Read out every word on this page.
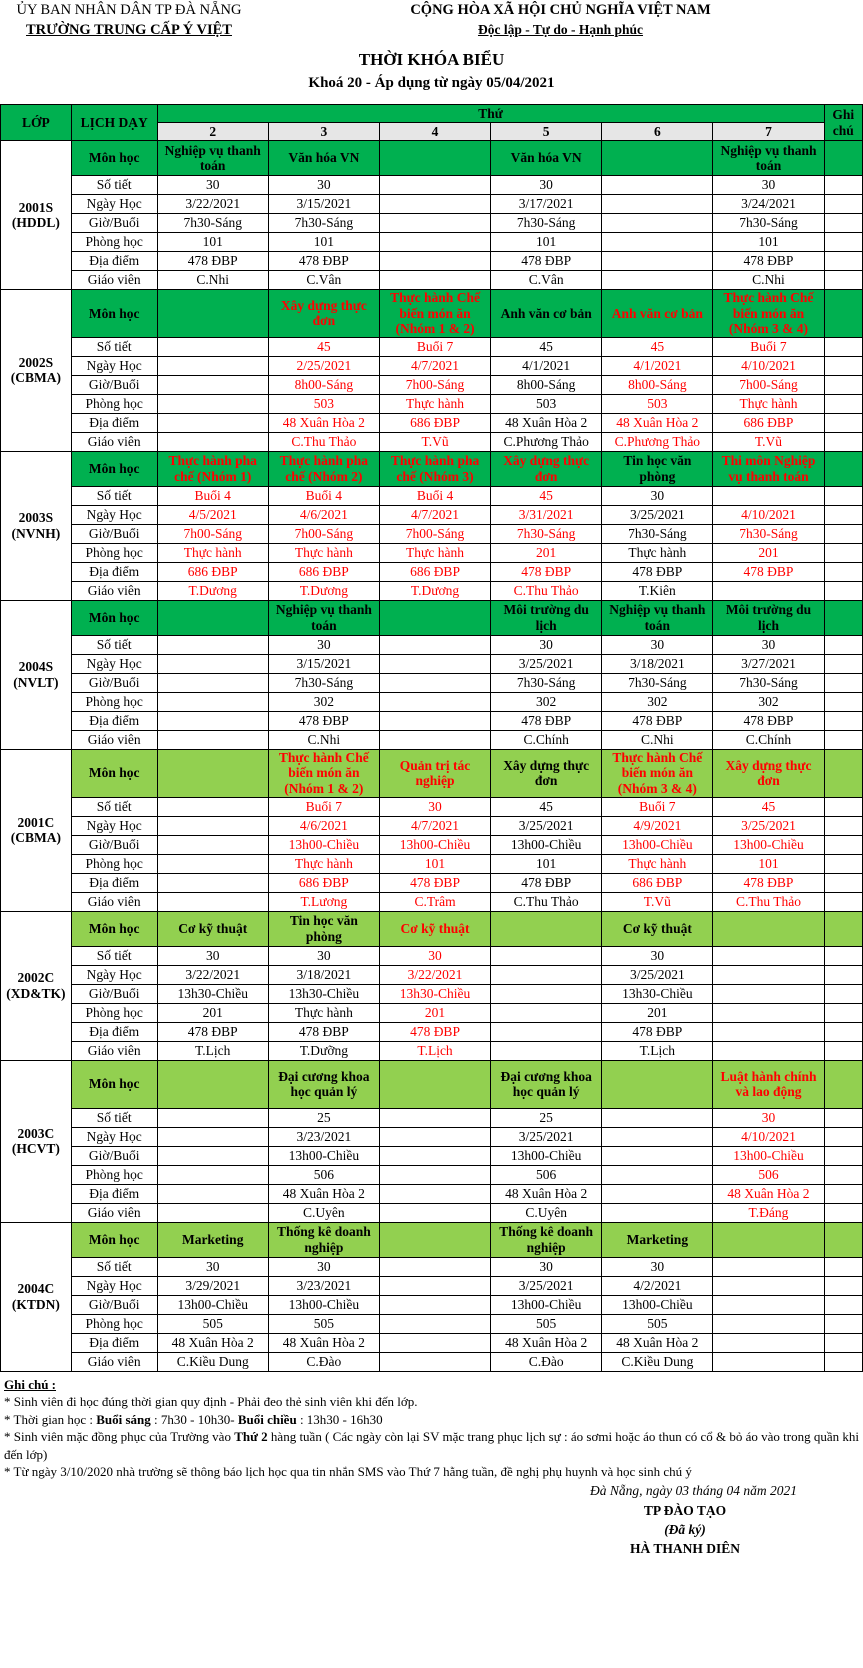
ỦY BAN NHÂN DÂN TP ĐÀ NẴNG
TRƯỜNG TRUNG CẤP Ý VIỆT
CỘNG HÒA XÃ HỘI CHỦ NGHĨA VIỆT NAM
Độc lập - Tự do - Hạnh phúc
THỜI KHÓA BIỂU
Khoá 20 - Áp dụng từ ngày 05/04/2021
LỚP	LỊCH DẠY	Thứ						Ghi chú
		2	3	4	5	6	7	
2001S (HDDL)	Môn học	Nghiệp vụ thanh toán	Văn hóa VN		Văn hóa VN		Nghiệp vụ thanh toán	
	Số tiết	30	30		30		30	
	Ngày Học	3/22/2021	3/15/2021		3/17/2021		3/24/2021	
	Giờ/Buổi	7h30-Sáng	7h30-Sáng		7h30-Sáng		7h30-Sáng	
	Phòng học	101	101		101		101	
	Địa điểm	478 ĐBP	478 ĐBP		478 ĐBP		478 ĐBP	
	Giáo viên	C.Nhi	C.Vân		C.Vân		C.Nhi	
2002S (CBMA)	Môn học		Xây dựng thực đơn	Thực hành Chế biến món ăn (Nhóm 1 & 2)	Anh văn cơ bản	Anh văn cơ bản	Thực hành Chế biến món ăn (Nhóm 3 & 4)	
	Số tiết		45	Buổi 7	45	45	Buổi 7	
	Ngày Học		2/25/2021	4/7/2021	4/1/2021	4/1/2021	4/10/2021	
	Giờ/Buổi		8h00-Sáng	7h00-Sáng	8h00-Sáng	8h00-Sáng	7h00-Sáng	
	Phòng học		503	Thực hành	503	503	Thực hành	
	Địa điểm		48 Xuân Hòa 2	686 ĐBP	48 Xuân Hòa 2	48 Xuân Hòa 2	686 ĐBP	
	Giáo viên		C.Thu Thảo	T.Vũ	C.Phương Thảo	C.Phương Thảo	T.Vũ	
2003S (NVNH)	Môn học	Thực hành pha chế (Nhóm 1)	Thực hành pha chế (Nhóm 2)	Thực hành pha chế (Nhóm 3)	Xây dựng thực đơn	Tin học văn phòng	Thi môn Nghiệp vụ thanh toán	
	Số tiết	Buổi 4	Buổi 4	Buổi 4	45	30		
	Ngày Học	4/5/2021	4/6/2021	4/7/2021	3/31/2021	3/25/2021	4/10/2021	
	Giờ/Buổi	7h00-Sáng	7h00-Sáng	7h00-Sáng	7h30-Sáng	7h30-Sáng	7h30-Sáng	
	Phòng học	Thực hành	Thực hành	Thực hành	201	Thực hành	201	
	Địa điểm	686 ĐBP	686 ĐBP	686 ĐBP	478 ĐBP	478 ĐBP	478 ĐBP	
	Giáo viên	T.Dương	T.Dương	T.Dương	C.Thu Thảo	T.Kiên		
2004S (NVLT)	Môn học		Nghiệp vụ thanh toán		Môi trường du lịch	Nghiệp vụ thanh toán	Môi trường du lịch	
	Số tiết		30		30	30	30	
	Ngày Học		3/15/2021		3/25/2021	3/18/2021	3/27/2021	
	Giờ/Buổi		7h30-Sáng		7h30-Sáng	7h30-Sáng	7h30-Sáng	
	Phòng học		302		302	302	302	
	Địa điểm		478 ĐBP		478 ĐBP	478 ĐBP	478 ĐBP	
	Giáo viên		C.Nhi		C.Chính	C.Nhi	C.Chính	
2001C (CBMA)	Môn học		Thực hành Chế biến món ăn (Nhóm 1 & 2)	Quản trị tác nghiệp	Xây dựng thực đơn	Thực hành Chế biến món ăn (Nhóm 3 & 4)	Xây dựng thực đơn	
	Số tiết		Buổi 7	30	45	Buổi 7	45	
	Ngày Học		4/6/2021	4/7/2021	3/25/2021	4/9/2021	3/25/2021	
	Giờ/Buổi		13h00-Chiều	13h00-Chiều	13h00-Chiều	13h00-Chiều	13h00-Chiều	
	Phòng học		Thực hành	101	101	Thực hành	101	
	Địa điểm		686 ĐBP	478 ĐBP	478 ĐBP	686 ĐBP	478 ĐBP	
	Giáo viên		T.Lương	C.Trâm	C.Thu Thảo	T.Vũ	C.Thu Thảo	
2002C (XD&TK)	Môn học	Cơ kỹ thuật	Tin học văn phòng	Cơ kỹ thuật		Cơ kỹ thuật		
	Số tiết	30	30	30		30		
	Ngày Học	3/22/2021	3/18/2021	3/22/2021		3/25/2021		
	Giờ/Buổi	13h30-Chiều	13h30-Chiều	13h30-Chiều		13h30-Chiều		
	Phòng học	201	Thực hành	201		201		
	Địa điểm	478 ĐBP	478 ĐBP	478 ĐBP		478 ĐBP		
	Giáo viên	T.Lịch	T.Dưỡng	T.Lịch		T.Lịch		
2003C (HCVT)	Môn học		Đại cương khoa học quản lý		Đại cương khoa học quản lý		Luật hành chính và lao động	
	Số tiết		25		25		30	
	Ngày Học		3/23/2021		3/25/2021		4/10/2021	
	Giờ/Buổi		13h00-Chiều		13h00-Chiều		13h00-Chiều	
	Phòng học		506		506		506	
	Địa điểm		48 Xuân Hòa 2		48 Xuân Hòa 2		48 Xuân Hòa 2	
	Giáo viên		C.Uyên		C.Uyên		T.Đáng	
2004C (KTDN)	Môn học	Marketing	Thống kê doanh nghiệp		Thống kê doanh nghiệp	Marketing		
	Số tiết	30	30		30	30		
	Ngày Học	3/29/2021	3/23/2021		3/25/2021	4/2/2021		
	Giờ/Buổi	13h00-Chiều	13h00-Chiều		13h00-Chiều	13h00-Chiều		
	Phòng học	505	505		505	505		
	Địa điểm	48 Xuân Hòa 2	48 Xuân Hòa 2		48 Xuân Hòa 2	48 Xuân Hòa 2		
	Giáo viên	C.Kiều Dung	C.Đào		C.Đào	C.Kiều Dung		
Ghi chú :
* Sinh viên đi học đúng thời gian quy định - Phải đeo thẻ sinh viên khi đến lớp.
* Thời gian học : Buổi sáng : 7h30 - 10h30- Buổi chiều : 13h30 - 16h30
* Sinh viên mặc đồng phục của Trường vào Thứ 2 hàng tuần ( Các ngày còn lại SV mặc trang phục lịch sự : áo sơmi hoặc áo thun có cổ & bỏ áo vào trong quần khi đến lớp)
* Từ ngày 3/10/2020 nhà trường sẽ thông báo lịch học qua tin nhắn SMS vào Thứ 7 hằng tuần, đề nghị phụ huynh và học sinh chú ý
Đà Nẵng, ngày 03 tháng 04 năm 2021
TP ĐÀO TẠO
(Đã ký)
HÀ THANH DIÊN
